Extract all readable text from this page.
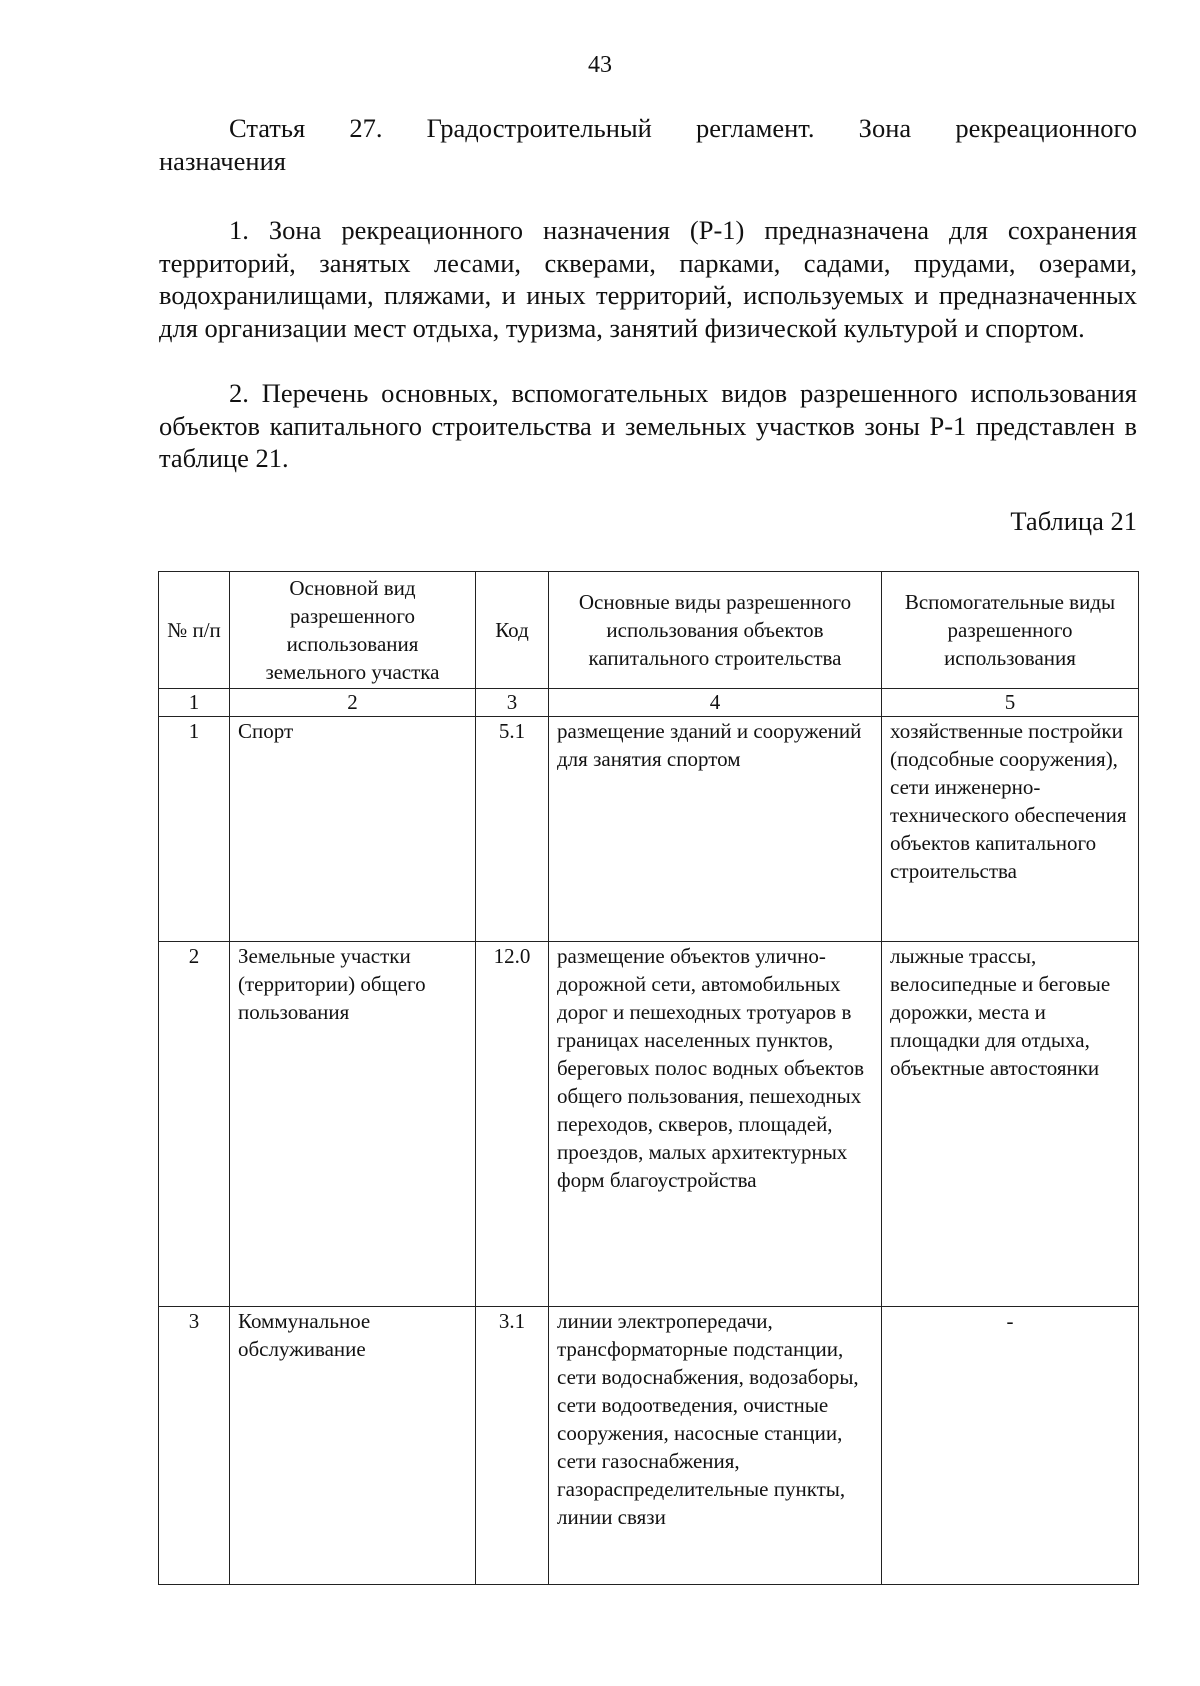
43
Статья 27. Градостроительный регламент. Зона рекреационного
назначения

1. Зона рекреационного назначения (Р-1) предназначена для сохранения территорий, занятых лесами, скверами, парками, садами, прудами, озерами, водохранилищами, пляжами, и иных территорий, используемых и предназначенных для организации мест отдыха, туризма, занятий физической культурой и спортом.

2. Перечень основных, вспомогательных видов разрешенного использования объектов капитального строительства и земельных участков зоны Р-1 представлен в таблице 21.

Таблица 21
№ п/п	Основной вид разрешенного использования земельного участка	Код	Основные виды разрешенного использования объектов капитального строительства	Вспомогательные виды разрешенного использования
1	2	3	4	5
1	Спорт	5.1	размещение зданий и сооружений для занятия спортом	хозяйственные постройки (подсобные сооружения), сети инженерно-технического обеспечения объектов капитального строительства
2	Земельные участки (территории) общего пользования	12.0	размещение объектов улично-дорожной сети, автомобильных дорог и пешеходных тротуаров в границах населенных пунктов, береговых полос водных объектов общего пользования, пешеходных переходов, скверов, площадей, проездов, малых архитектурных форм благоустройства	лыжные трассы, велосипедные и беговые дорожки, места и площадки для отдыха, объектные автостоянки
3	Коммунальное обслуживание	3.1	линии электропередачи, трансформаторные подстанции, сети водоснабжения, водозаборы, сети водоотведения, очистные сооружения, насосные станции, сети газоснабжения, газораспределительные пункты, линии связи	-
